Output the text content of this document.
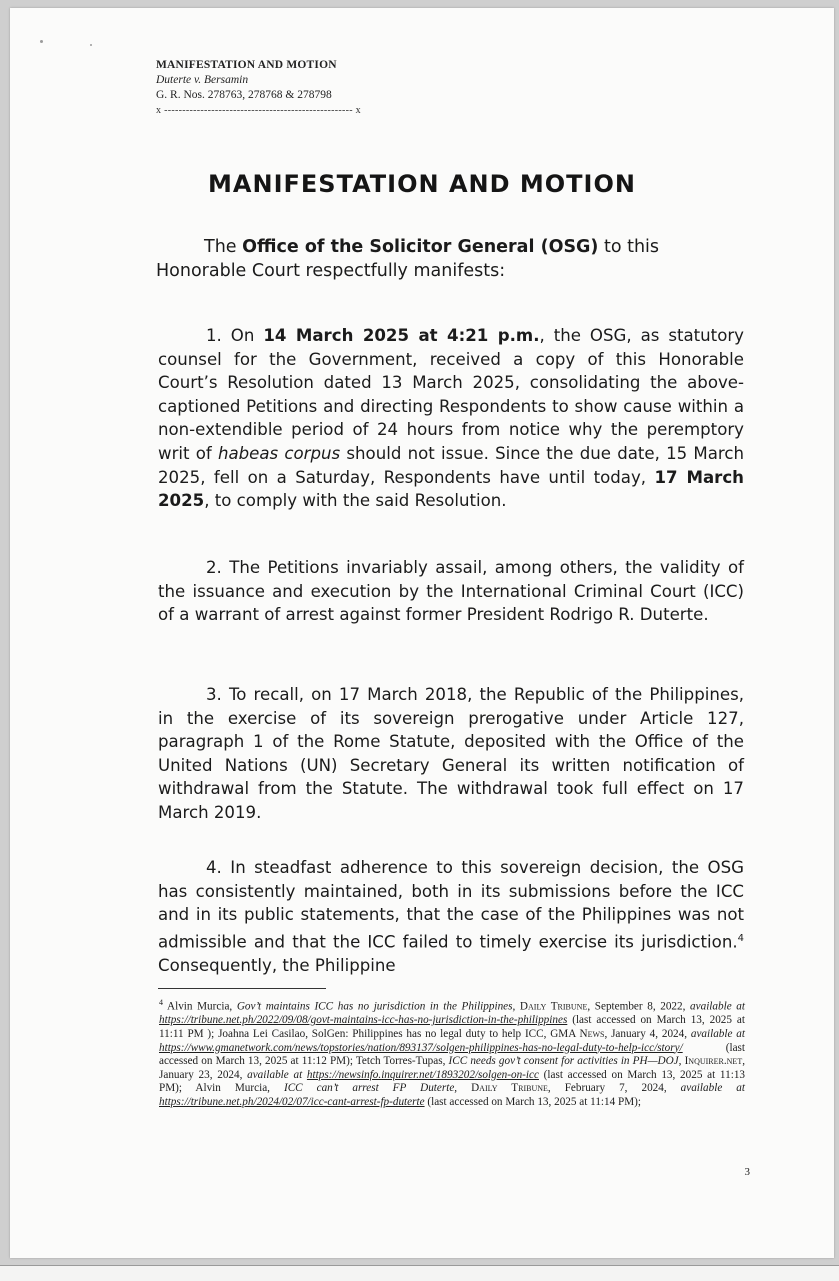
MANIFESTATION AND MOTION
Duterte v. Bersamin
G. R. Nos. 278763, 278768 & 278798
x ---------------------------------------------------- x
MANIFESTATION AND MOTION
The Office of the Solicitor General (OSG) to this Honorable Court respectfully manifests:
1. On 14 March 2025 at 4:21 p.m., the OSG, as statutory counsel for the Government, received a copy of this Honorable Court’s Resolution dated 13 March 2025, consolidating the above-captioned Petitions and directing Respondents to show cause within a non-extendible period of 24 hours from notice why the peremptory writ of habeas corpus should not issue. Since the due date, 15 March 2025, fell on a Saturday, Respondents have until today, 17 March 2025, to comply with the said Resolution.
2. The Petitions invariably assail, among others, the validity of the issuance and execution by the International Criminal Court (ICC) of a warrant of arrest against former President Rodrigo R. Duterte.
3. To recall, on 17 March 2018, the Republic of the Philippines, in the exercise of its sovereign prerogative under Article 127, paragraph 1 of the Rome Statute, deposited with the Office of the United Nations (UN) Secretary General its written notification of withdrawal from the Statute. The withdrawal took full effect on 17 March 2019.
4. In steadfast adherence to this sovereign decision, the OSG has consistently maintained, both in its submissions before the ICC and in its public statements, that the case of the Philippines was not admissible and that the ICC failed to timely exercise its jurisdiction.$^4$ Consequently, the Philippine
$^4$ Alvin Murcia, Gov’t maintains ICC has no jurisdiction in the Philippines, Daily Tribune, September 8, 2022, available at https://tribune.net.ph/2022/09/08/govt-maintains-icc-has-no-jurisdiction-in-the-philippines (last accessed on March 13, 2025 at 11:11 PM ); Joahna Lei Casilao, SolGen: Philippines has no legal duty to help ICC, GMA News, January 4, 2024, available at https://www.gmanetwork.com/news/topstories/nation/893137/solgen-philippines-has-no-legal-duty-to-help-icc/story/ (last accessed on March 13, 2025 at 11:12 PM); Tetch Torres-Tupas, ICC needs gov’t consent for activities in PH—DOJ, Inquirer.net, January 23, 2024, available at https://newsinfo.inquirer.net/1893202/solgen-on-icc (last accessed on March 13, 2025 at 11:13 PM); Alvin Murcia, ICC can’t arrest FP Duterte, Daily Tribune, February 7, 2024, available at https://tribune.net.ph/2024/02/07/icc-cant-arrest-fp-duterte (last accessed on March 13, 2025 at 11:14 PM);
3
